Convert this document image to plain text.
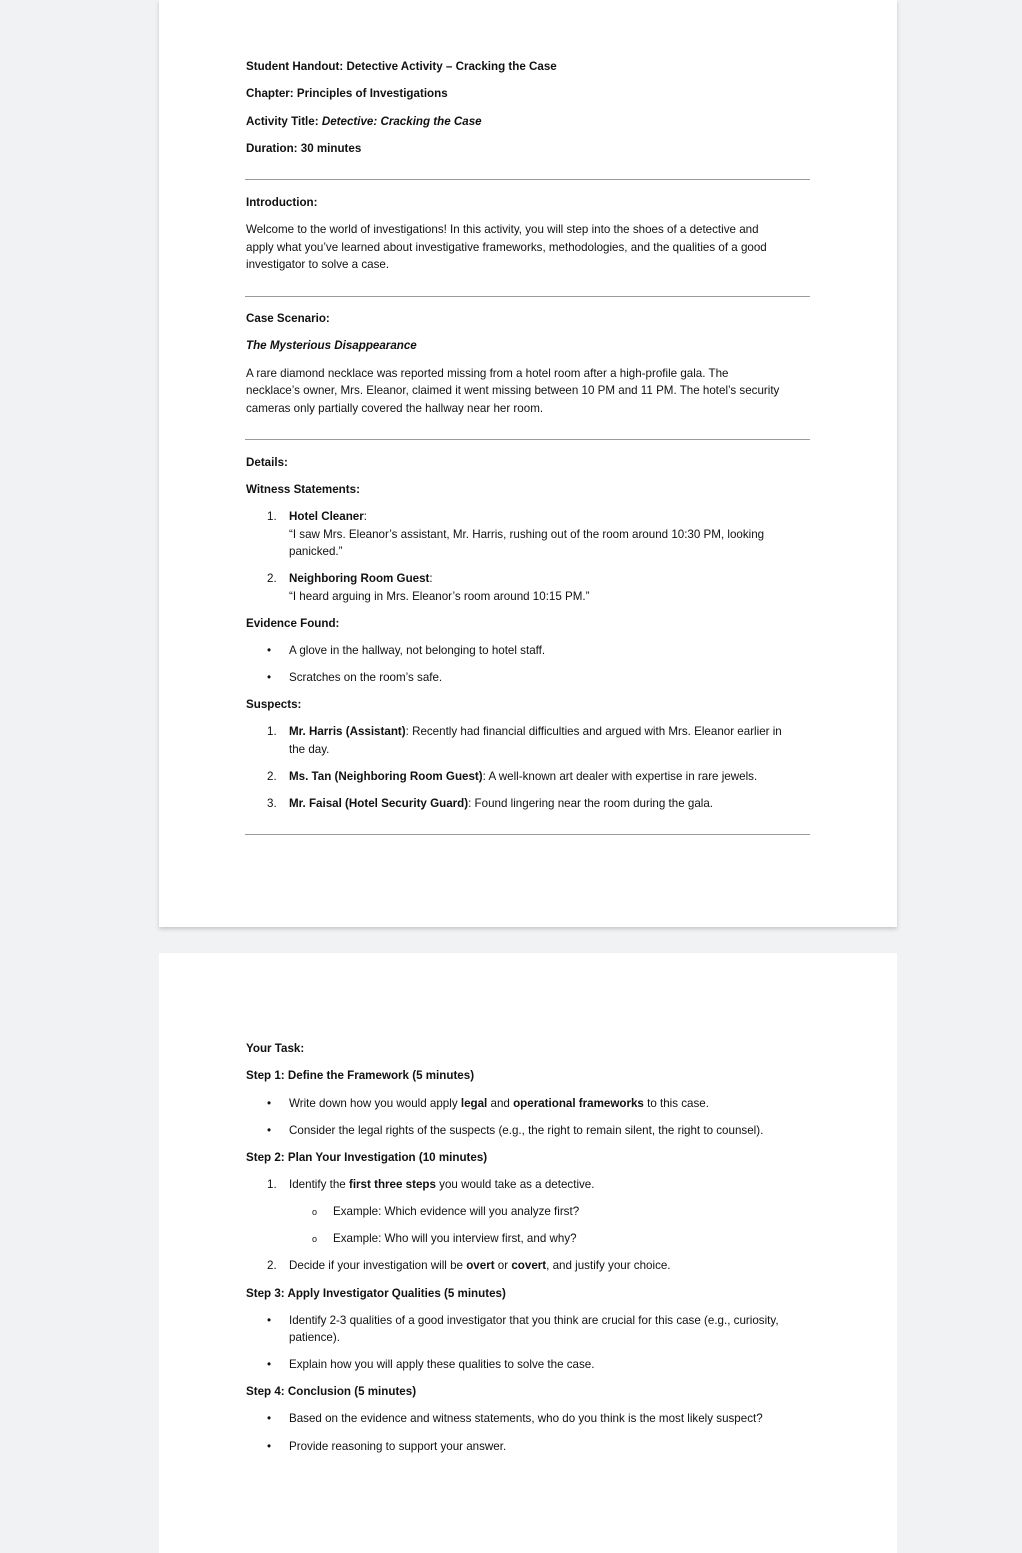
Student Handout: Detective Activity – Cracking the Case
Chapter: Principles of Investigations
Activity Title: Detective: Cracking the Case
Duration: 30 minutes
Introduction:
Welcome to the world of investigations! In this activity, you will step into the shoes of a detective and
apply what you’ve learned about investigative frameworks, methodologies, and the qualities of a good
investigator to solve a case.
Case Scenario:
The Mysterious Disappearance
A rare diamond necklace was reported missing from a hotel room after a high-profile gala. The
necklace’s owner, Mrs. Eleanor, claimed it went missing between 10 PM and 11 PM. The hotel’s security
cameras only partially covered the hallway near her room.
Details:
Witness Statements:
1. Hotel Cleaner:
“I saw Mrs. Eleanor’s assistant, Mr. Harris, rushing out of the room around 10:30 PM, looking
panicked.”
2. Neighboring Room Guest:
“I heard arguing in Mrs. Eleanor’s room around 10:15 PM.”
Evidence Found:
•
A glove in the hallway, not belonging to hotel staff.
•
Scratches on the room’s safe.
Suspects:
1. Mr. Harris (Assistant): Recently had financial difficulties and argued with Mrs. Eleanor earlier in
the day.
2. Ms. Tan (Neighboring Room Guest): A well-known art dealer with expertise in rare jewels.
3. Mr. Faisal (Hotel Security Guard): Found lingering near the room during the gala.
Your Task:
Step 1: Define the Framework (5 minutes)
•
Write down how you would apply legal and operational frameworks to this case.
•
Consider the legal rights of the suspects (e.g., the right to remain silent, the right to counsel).
Step 2: Plan Your Investigation (10 minutes)
1. Identify the first three steps you would take as a detective.
o
Example: Which evidence will you analyze first?
o
Example: Who will you interview first, and why?
2. Decide if your investigation will be overt or covert, and justify your choice.
Step 3: Apply Investigator Qualities (5 minutes)
•
Identify 2-3 qualities of a good investigator that you think are crucial for this case (e.g., curiosity,
patience).
•
Explain how you will apply these qualities to solve the case.
Step 4: Conclusion (5 minutes)
•
Based on the evidence and witness statements, who do you think is the most likely suspect?
•
Provide reasoning to support your answer.
